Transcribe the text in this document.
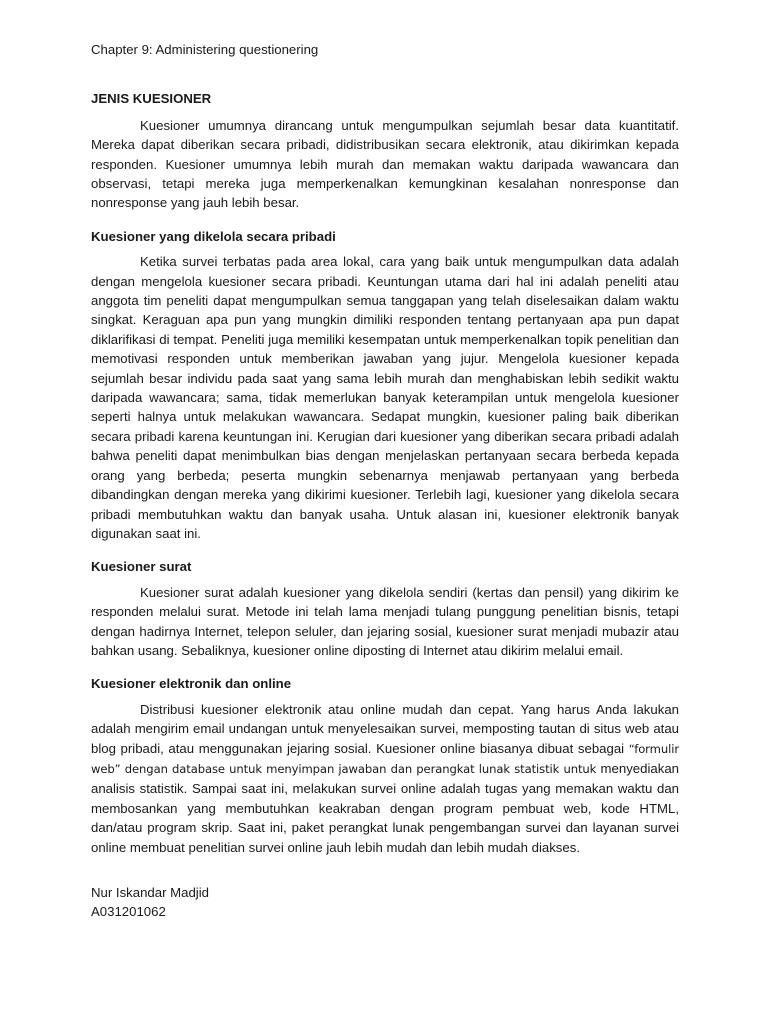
Chapter 9: Administering questionering
JENIS KUESIONER

Kuesioner umumnya dirancang untuk mengumpulkan sejumlah besar data kuantitatif. Mereka dapat diberikan secara pribadi, didistribusikan secara elektronik, atau dikirimkan kepada responden. Kuesioner umumnya lebih murah dan memakan waktu daripada wawancara dan observasi, tetapi mereka juga memperkenalkan kemungkinan kesalahan nonresponse dan nonresponse yang jauh lebih besar.

Kuesioner yang dikelola secara pribadi

Ketika survei terbatas pada area lokal, cara yang baik untuk mengumpulkan data adalah dengan mengelola kuesioner secara pribadi. Keuntungan utama dari hal ini adalah peneliti atau anggota tim peneliti dapat mengumpulkan semua tanggapan yang telah diselesaikan dalam waktu singkat. Keraguan apa pun yang mungkin dimiliki responden tentang pertanyaan apa pun dapat diklarifikasi di tempat. Peneliti juga memiliki kesempatan untuk memperkenalkan topik penelitian dan memotivasi responden untuk memberikan jawaban yang jujur. Mengelola kuesioner kepada sejumlah besar individu pada saat yang sama lebih murah dan menghabiskan lebih sedikit waktu daripada wawancara; sama, tidak memerlukan banyak keterampilan untuk mengelola kuesioner seperti halnya untuk melakukan wawancara. Sedapat mungkin, kuesioner paling baik diberikan secara pribadi karena keuntungan ini. Kerugian dari kuesioner yang diberikan secara pribadi adalah bahwa peneliti dapat menimbulkan bias dengan menjelaskan pertanyaan secara berbeda kepada orang yang berbeda; peserta mungkin sebenarnya menjawab pertanyaan yang berbeda dibandingkan dengan mereka yang dikirimi kuesioner. Terlebih lagi, kuesioner yang dikelola secara pribadi membutuhkan waktu dan banyak usaha. Untuk alasan ini, kuesioner elektronik banyak digunakan saat ini.

Kuesioner surat

Kuesioner surat adalah kuesioner yang dikelola sendiri (kertas dan pensil) yang dikirim ke responden melalui surat. Metode ini telah lama menjadi tulang punggung penelitian bisnis, tetapi dengan hadirnya Internet, telepon seluler, dan jejaring sosial, kuesioner surat menjadi mubazir atau bahkan usang. Sebaliknya, kuesioner online diposting di Internet atau dikirim melalui email.

Kuesioner elektronik dan online

Distribusi kuesioner elektronik atau online mudah dan cepat. Yang harus Anda lakukan adalah mengirim email undangan untuk menyelesaikan survei, memposting tautan di situs web atau blog pribadi, atau menggunakan jejaring sosial. Kuesioner online biasanya dibuat sebagai “formulir web” dengan database untuk menyimpan jawaban dan perangkat lunak statistik untuk menyediakan analisis statistik. Sampai saat ini, melakukan survei online adalah tugas yang memakan waktu dan membosankan yang membutuhkan keakraban dengan program pembuat web, kode HTML, dan/atau program skrip. Saat ini, paket perangkat lunak pengembangan survei dan layanan survei online membuat penelitian survei online jauh lebih mudah dan lebih mudah diakses.

Nur Iskandar Madjid
A031201062
